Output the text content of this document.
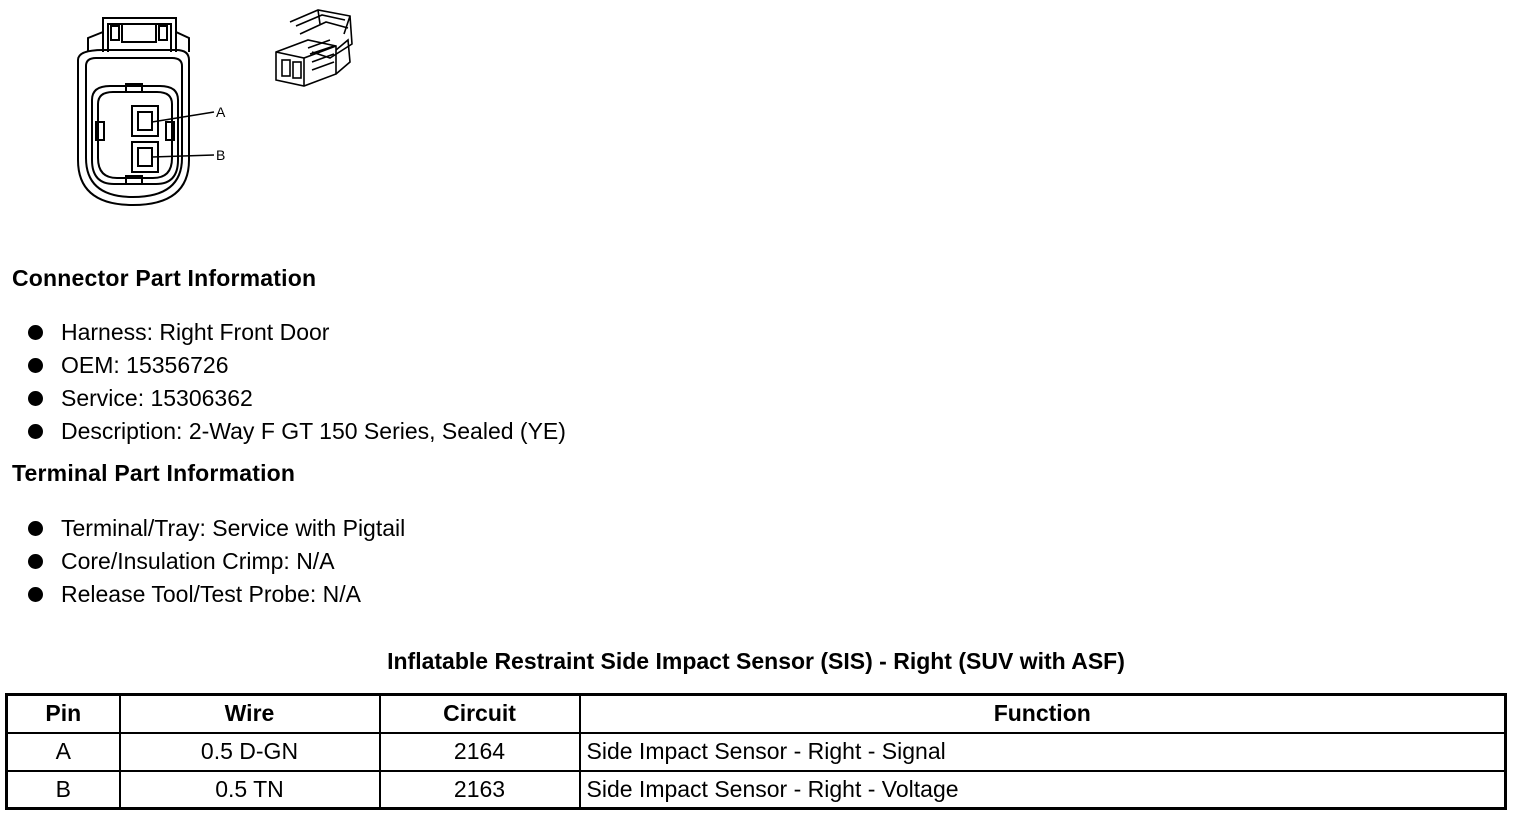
A
B
Connector Part Information
Harness: Right Front Door
OEM: 15356726
Service: 15306362
Description: 2-Way F GT 150 Series, Sealed (YE)
Terminal Part Information
Terminal/Tray: Service with Pigtail
Core/Insulation Crimp: N/A
Release Tool/Test Probe: N/A
Inflatable Restraint Side Impact Sensor (SIS) - Right (SUV with ASF)
Pin	Wire	Circuit	Function
A	0.5 D-GN	2164	Side Impact Sensor - Right - Signal
B	0.5 TN	2163	Side Impact Sensor - Right - Voltage
